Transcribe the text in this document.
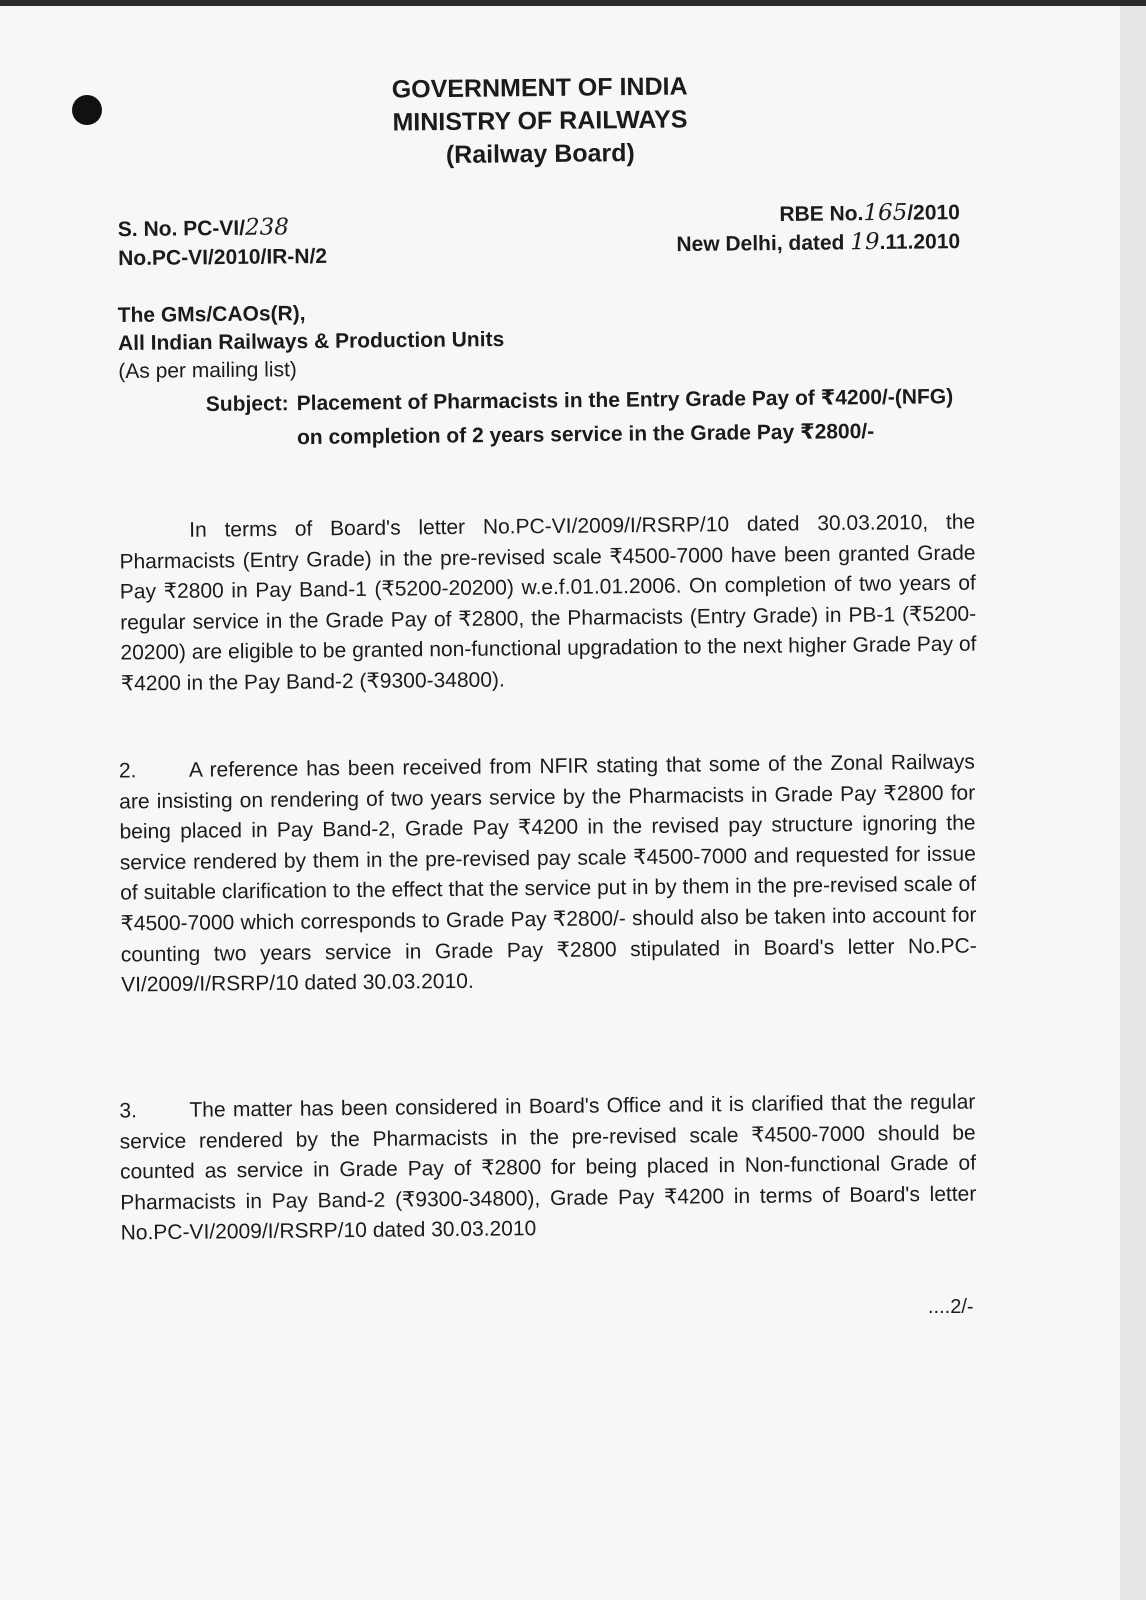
GOVERNMENT OF INDIA
MINISTRY OF RAILWAYS
(Railway Board)
S. No. PC-VI/238
No.PC-VI/2010/IR-N/2
RBE No.165/2010
New Delhi, dated 19.11.2010
The GMs/CAOs(R),
All Indian Railways & Production Units
(As per mailing list)
Subject: Placement of Pharmacists in the Entry Grade Pay of ₹4200/-(NFG) on completion of 2 years service in the Grade Pay ₹2800/-
In terms of Board's letter No.PC-VI/2009/I/RSRP/10 dated 30.03.2010, the Pharmacists (Entry Grade) in the pre-revised scale ₹4500-7000 have been granted Grade Pay ₹2800 in Pay Band-1 (₹5200-20200) w.e.f.01.01.2006. On completion of two years of regular service in the Grade Pay of ₹2800, the Pharmacists (Entry Grade) in PB-1 (₹5200-20200) are eligible to be granted non-functional upgradation to the next higher Grade Pay of ₹4200 in the Pay Band-2 (₹9300-34800).
2. A reference has been received from NFIR stating that some of the Zonal Railways are insisting on rendering of two years service by the Pharmacists in Grade Pay ₹2800 for being placed in Pay Band-2, Grade Pay ₹4200 in the revised pay structure ignoring the service rendered by them in the pre-revised pay scale ₹4500-7000 and requested for issue of suitable clarification to the effect that the service put in by them in the pre-revised scale of ₹4500-7000 which corresponds to Grade Pay ₹2800/- should also be taken into account for counting two years service in Grade Pay ₹2800 stipulated in Board's letter No.PC-VI/2009/I/RSRP/10 dated 30.03.2010.
3. The matter has been considered in Board's Office and it is clarified that the regular service rendered by the Pharmacists in the pre-revised scale ₹4500-7000 should be counted as service in Grade Pay of ₹2800 for being placed in Non-functional Grade of Pharmacists in Pay Band-2 (₹9300-34800), Grade Pay ₹4200 in terms of Board's letter No.PC-VI/2009/I/RSRP/10 dated 30.03.2010
....2/-
